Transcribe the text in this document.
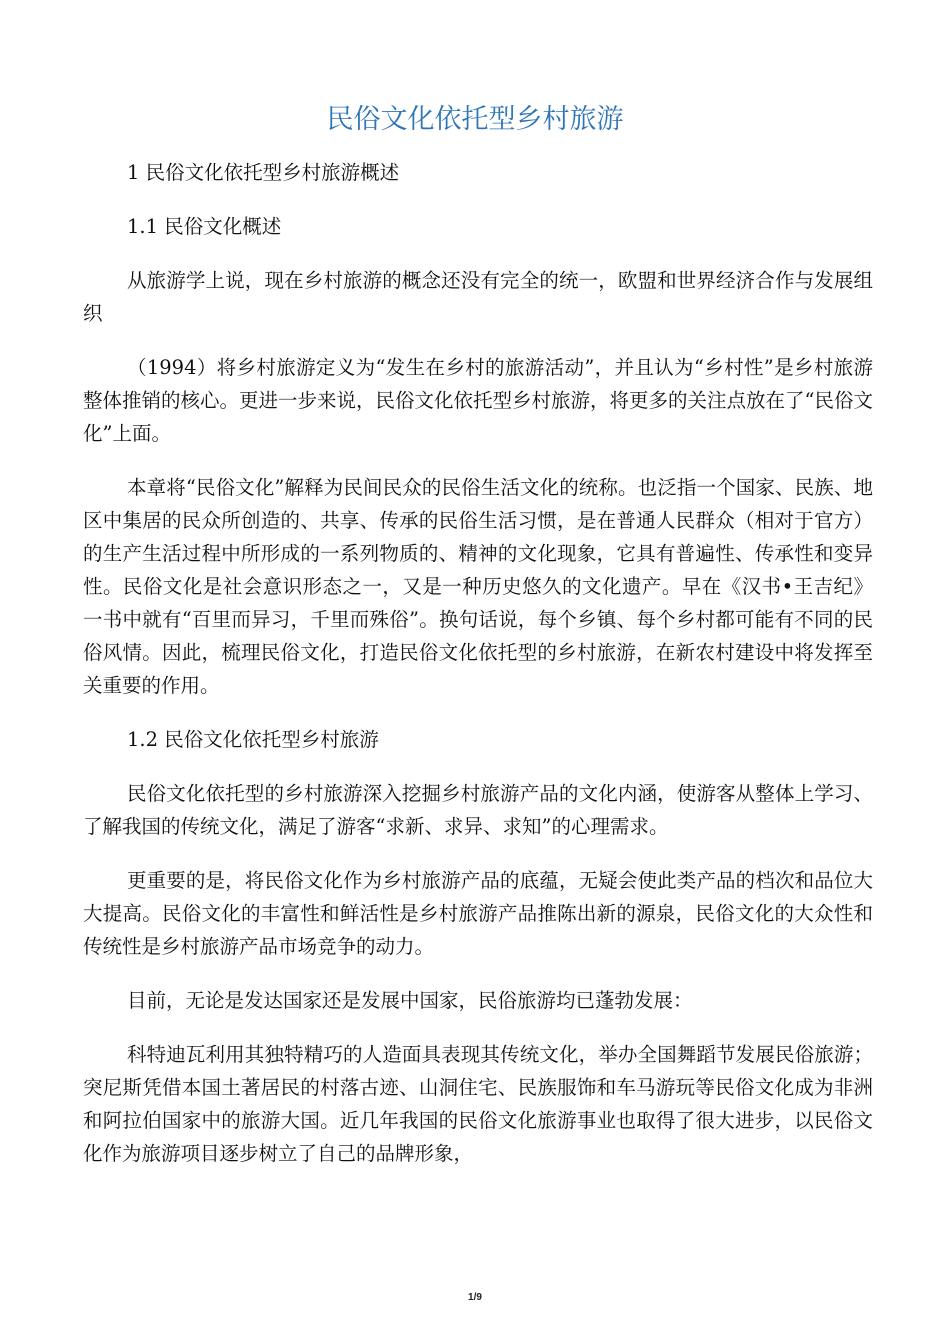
民俗文化依托型乡村旅游

1 民俗文化依托型乡村旅游概述

1.1 民俗文化概述

从旅游学上说，现在乡村旅游的概念还没有完全的统一，欧盟和世界经济合作与发展组织

（1994）将乡村旅游定义为“发生在乡村的旅游活动”，并且认为“乡村性”是乡村旅游整体推销的核心。更进一步来说，民俗文化依托型乡村旅游，将更多的关注点放在了“民俗文化”上面。

本章将“民俗文化”解释为民间民众的民俗生活文化的统称。也泛指一个国家、民族、地区中集居的民众所创造的、共享、传承的民俗生活习惯，是在普通人民群众（相对于官方）的生产生活过程中所形成的一系列物质的、精神的文化现象，它具有普遍性、传承性和变异性。民俗文化是社会意识形态之一，又是一种历史悠久的文化遗产。早在《汉书•王吉纪》一书中就有“百里而异习，千里而殊俗”。换句话说，每个乡镇、每个乡村都可能有不同的民俗风情。因此，梳理民俗文化，打造民俗文化依托型的乡村旅游，在新农村建设中将发挥至关重要的作用。

1.2 民俗文化依托型乡村旅游

民俗文化依托型的乡村旅游深入挖掘乡村旅游产品的文化内涵，使游客从整体上学习、了解我国的传统文化，满足了游客“求新、求异、求知”的心理需求。

更重要的是，将民俗文化作为乡村旅游产品的底蕴，无疑会使此类产品的档次和品位大大提高。民俗文化的丰富性和鲜活性是乡村旅游产品推陈出新的源泉，民俗文化的大众性和传统性是乡村旅游产品市场竞争的动力。

目前，无论是发达国家还是发展中国家，民俗旅游均已蓬勃发展：

科特迪瓦利用其独特精巧的人造面具表现其传统文化，举办全国舞蹈节发展民俗旅游；突尼斯凭借本国土著居民的村落古迹、山洞住宅、民族服饰和车马游玩等民俗文化成为非洲和阿拉伯国家中的旅游大国。近几年我国的民俗文化旅游事业也取得了很大进步，以民俗文化作为旅游项目逐步树立了自己的品牌形象，

1/9
